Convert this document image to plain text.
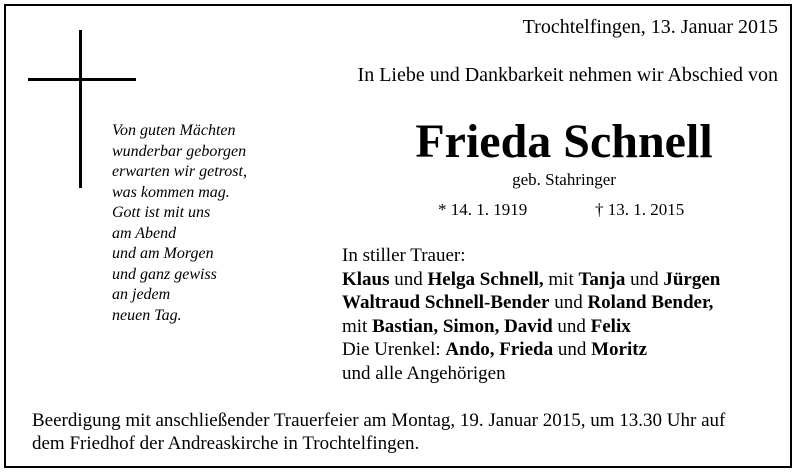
Trochtelfingen, 13. Januar 2015
In Liebe und Dankbarkeit nehmen wir Abschied von
Frieda Schnell
geb. Stahringer
* 14. 1. 1919	† 13. 1. 2015
Von guten Mächten
wunderbar geborgen
erwarten wir getrost,
was kommen mag.
Gott ist mit uns
am Abend
und am Morgen
und ganz gewiss
an jedem
neuen Tag.
In stiller Trauer:
Klaus und Helga Schnell, mit Tanja und Jürgen
Waltraud Schnell-Bender und Roland Bender,
mit Bastian, Simon, David und Felix
Die Urenkel: Ando, Frieda und Moritz
und alle Angehörigen
Beerdigung mit anschließender Trauerfeier am Montag, 19. Januar 2015, um 13.30 Uhr auf
dem Friedhof der Andreaskirche in Trochtelfingen.
